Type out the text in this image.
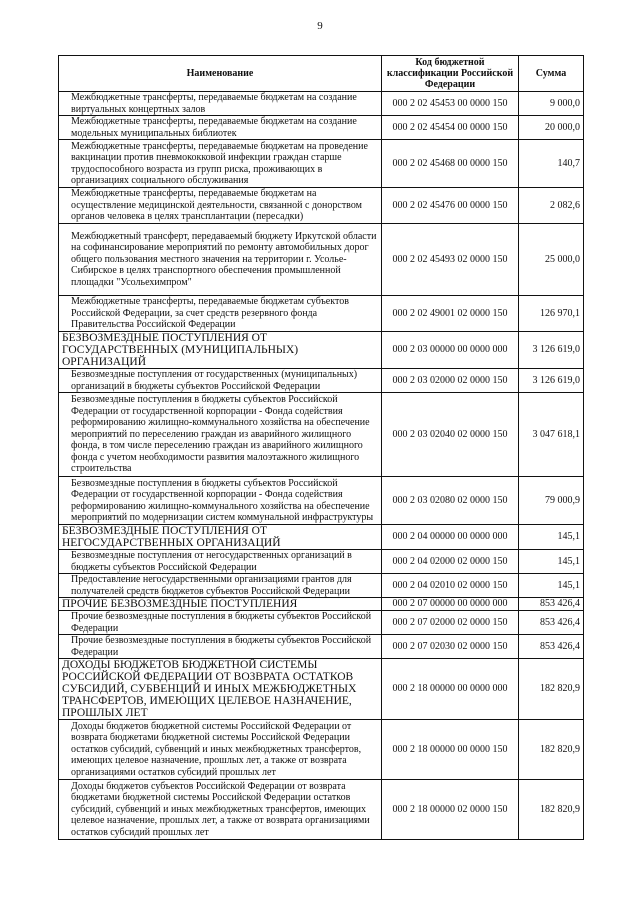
9
Наименование	Код бюджетной классификации Российской Федерации	Сумма
Межбюджетные трансферты, передаваемые бюджетам на создание виртуальных концертных залов	000 2 02 45453 00 0000 150	9 000,0
Межбюджетные трансферты, передаваемые бюджетам на создание модельных муниципальных библиотек	000 2 02 45454 00 0000 150	20 000,0
Межбюджетные трансферты, передаваемые бюджетам на проведение вакцинации против пневмококковой инфекции граждан старше трудоспособного возраста из групп риска, проживающих в организациях социального обслуживания	000 2 02 45468 00 0000 150	140,7
Межбюджетные трансферты, передаваемые бюджетам на осуществление медицинской деятельности, связанной с донорством органов человека в целях трансплантации (пересадки)	000 2 02 45476 00 0000 150	2 082,6
Межбюджетный трансферт, передаваемый бюджету Иркутской области на софинансирование мероприятий по ремонту автомобильных дорог общего пользования местного значения на территории г. Усолье-Сибирское в целях транспортного обеспечения промышленной площадки "Усольехимпром"	000 2 02 45493 02 0000 150	25 000,0
Межбюджетные трансферты, передаваемые бюджетам субъектов Российской Федерации, за счет средств резервного фонда Правительства Российской Федерации	000 2 02 49001 02 0000 150	126 970,1
БЕЗВОЗМЕЗДНЫЕ ПОСТУПЛЕНИЯ ОТ ГОСУДАРСТВЕННЫХ (МУНИЦИПАЛЬНЫХ) ОРГАНИЗАЦИЙ	000 2 03 00000 00 0000 000	3 126 619,0
Безвозмездные поступления от государственных (муниципальных) организаций в бюджеты субъектов Российской Федерации	000 2 03 02000 02 0000 150	3 126 619,0
Безвозмездные поступления в бюджеты субъектов Российской Федерации от государственной корпорации - Фонда содействия реформированию жилищно-коммунального хозяйства на обеспечение мероприятий по переселению граждан из аварийного жилищного фонда, в том числе переселению граждан из аварийного жилищного фонда с учетом необходимости развития малоэтажного жилищного строительства	000 2 03 02040 02 0000 150	3 047 618,1
Безвозмездные поступления в бюджеты субъектов Российской Федерации от государственной корпорации - Фонда содействия реформированию жилищно-коммунального хозяйства на обеспечение мероприятий по модернизации систем коммунальной инфраструктуры	000 2 03 02080 02 0000 150	79 000,9
БЕЗВОЗМЕЗДНЫЕ ПОСТУПЛЕНИЯ ОТ НЕГОСУДАРСТВЕННЫХ ОРГАНИЗАЦИЙ	000 2 04 00000 00 0000 000	145,1
Безвозмездные поступления от негосударственных организаций в бюджеты субъектов Российской Федерации	000 2 04 02000 02 0000 150	145,1
Предоставление негосударственными организациями грантов для получателей средств бюджетов субъектов Российской Федерации	000 2 04 02010 02 0000 150	145,1
ПРОЧИЕ БЕЗВОЗМЕЗДНЫЕ ПОСТУПЛЕНИЯ	000 2 07 00000 00 0000 000	853 426,4
Прочие безвозмездные поступления в бюджеты субъектов Российской Федерации	000 2 07 02000 02 0000 150	853 426,4
Прочие безвозмездные поступления в бюджеты субъектов Российской Федерации	000 2 07 02030 02 0000 150	853 426,4
ДОХОДЫ БЮДЖЕТОВ БЮДЖЕТНОЙ СИСТЕМЫ РОССИЙСКОЙ ФЕДЕРАЦИИ ОТ ВОЗВРАТА ОСТАТКОВ СУБСИДИЙ, СУБВЕНЦИЙ И ИНЫХ МЕЖБЮДЖЕТНЫХ ТРАНСФЕРТОВ, ИМЕЮЩИХ ЦЕЛЕВОЕ НАЗНАЧЕНИЕ, ПРОШЛЫХ ЛЕТ	000 2 18 00000 00 0000 000	182 820,9
Доходы бюджетов бюджетной системы Российской Федерации от возврата бюджетами бюджетной системы Российской Федерации остатков субсидий, субвенций и иных межбюджетных трансфертов, имеющих целевое назначение, прошлых лет, а также от возврата организациями остатков субсидий прошлых лет	000 2 18 00000 00 0000 150	182 820,9
Доходы бюджетов субъектов Российской Федерации от возврата бюджетами бюджетной системы Российской Федерации остатков субсидий, субвенций и иных межбюджетных трансфертов, имеющих целевое назначение, прошлых лет, а также от возврата организациями остатков субсидий прошлых лет	000 2 18 00000 02 0000 150	182 820,9
